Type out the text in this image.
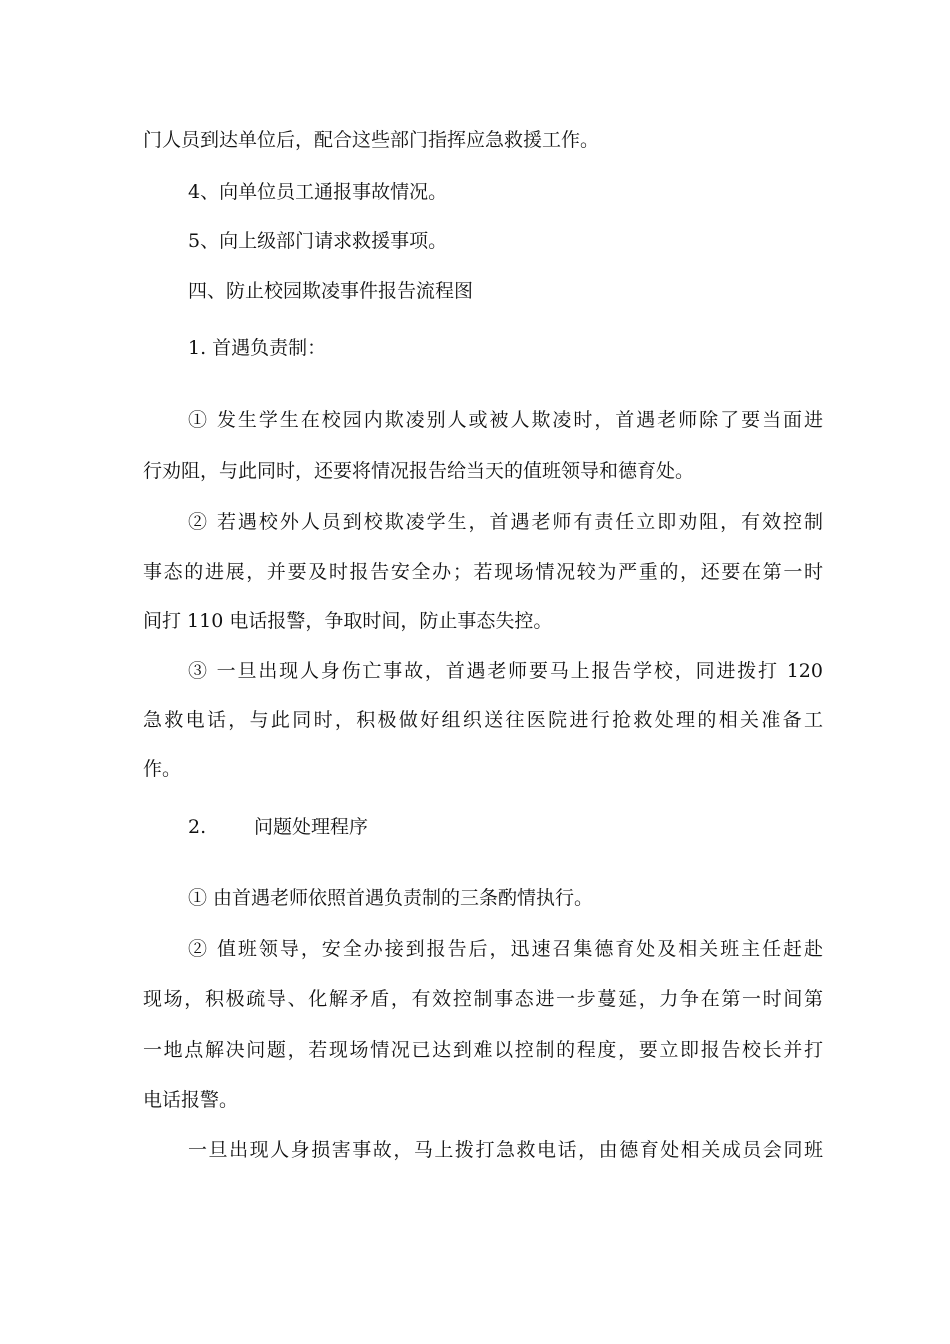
门人员到达单位后，配合这些部门指挥应急救援工作。
4、向单位员工通报事故情况。
5、向上级部门请求救援事项。
四、防止校园欺凌事件报告流程图
1. 首遇负责制：
① 发生学生在校园内欺凌别人或被人欺凌时，首遇老师除了要当面进
行劝阻，与此同时，还要将情况报告给当天的值班领导和德育处。
② 若遇校外人员到校欺凌学生，首遇老师有责任立即劝阻，有效控制
事态的进展，并要及时报告安全办；若现场情况较为严重的，还要在第一时
间打 110 电话报警，争取时间，防止事态失控。
③ 一旦出现人身伤亡事故，首遇老师要马上报告学校，同进拨打 120
急救电话，与此同时，积极做好组织送往医院进行抢救处理的相关准备工
作。
2.	问题处理程序
① 由首遇老师依照首遇负责制的三条酌情执行。
② 值班领导，安全办接到报告后，迅速召集德育处及相关班主任赶赴
现场，积极疏导、化解矛盾，有效控制事态进一步蔓延，力争在第一时间第
一地点解决问题，若现场情况已达到难以控制的程度，要立即报告校长并打
电话报警。
一旦出现人身损害事故，马上拨打急救电话，由德育处相关成员会同班
